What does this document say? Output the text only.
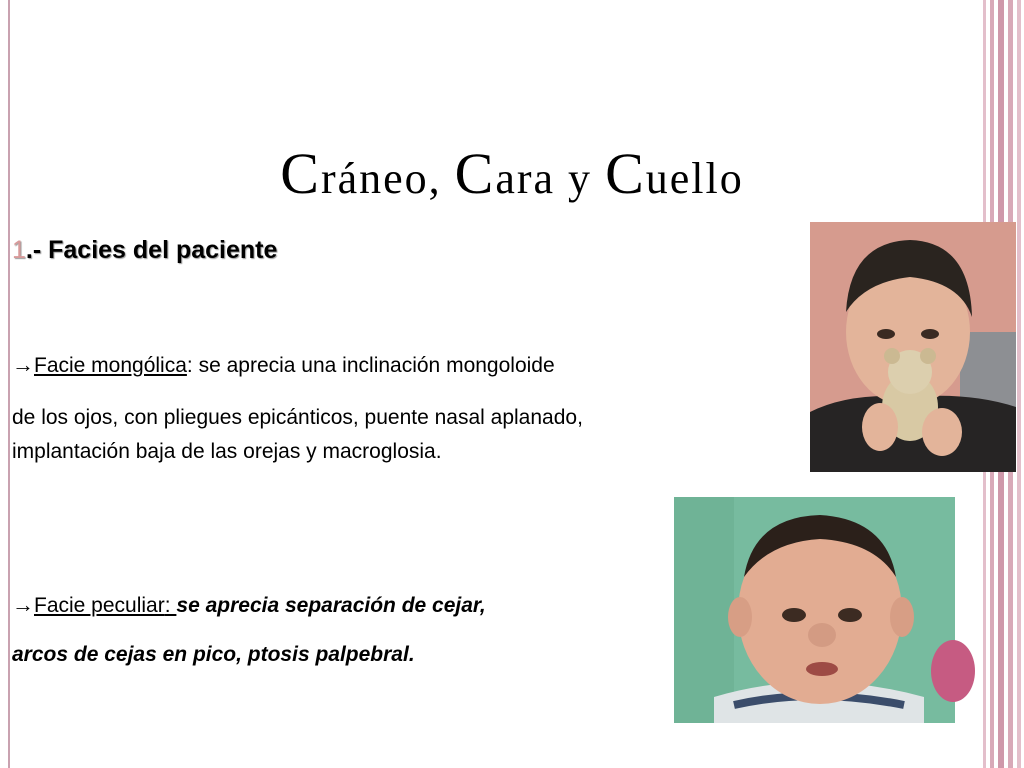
Cráneo, Cara y Cuello
1.- Facies del paciente
→Facie mongólica: se aprecia una inclinación mongoloide
de los ojos, con pliegues epicánticos, puente nasal aplanado,
implantación baja de las orejas y macroglosia.
→Facie peculiar: se aprecia separación de cejar,
arcos de cejas en pico, ptosis palpebral.
